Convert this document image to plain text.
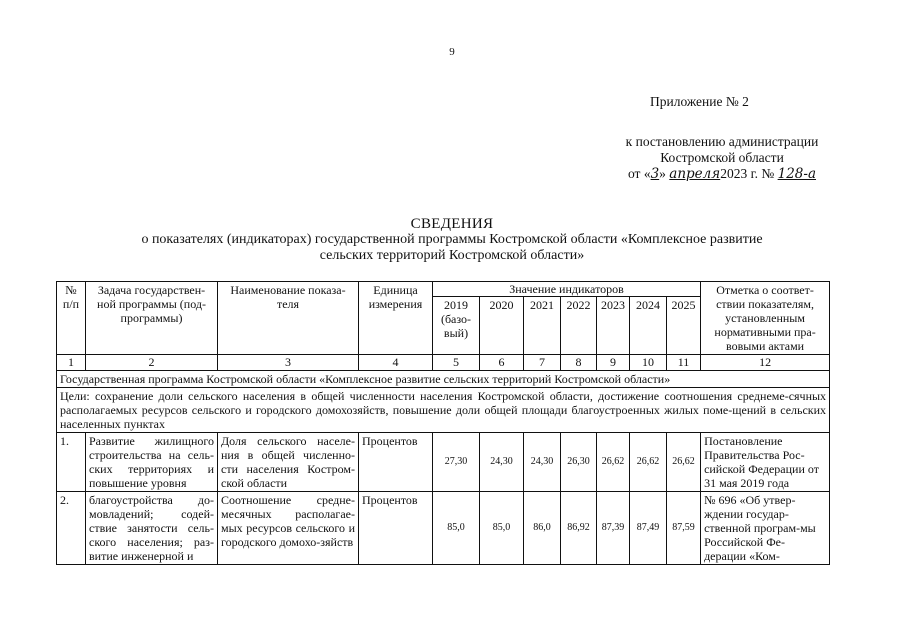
9
Приложение № 2
к постановлению администрации
Костромской области
от «3» апреля2023 г. № 128-а
СВЕДЕНИЯ
о показателях (индикаторах) государственной программы Костромской области «Комплексное развитие
сельских территорий Костромской области»
№ п/п	Задача государствен-ной программы (под-программы)	Наименование показа-теля	Единица измерения	Значение индикаторов							Отметка о соответ-ствии показателям, установленным нормативными пра-вовыми актами
				2019 (базо-вый)	2020	2021	2022	2023	2024	2025	
1	2	3	4	5	6	7	8	9	10	11	12
Государственная программа Костромской области «Комплексное развитие сельских территорий Костромской области»											
Цели: сохранение доли сельского населения в общей численности населения Костромской области, достижение соотношения среднеме-сячных располагаемых ресурсов сельского и городского домохозяйств, повышение доли общей площади благоустроенных жилых поме-щений в сельских населенных пунктах											
1.	Развитие жилищного строительства на сель-ских территориях и повышение уровня	Доля сельского населе-ния в общей численно-сти населения Костром-ской области	Процентов	27,30	24,30	24,30	26,30	26,62	26,62	26,62	Постановление Правительства Рос-сийской Федерации от 31 мая 2019 года
2.	благоустройства до-мовладений; содей-ствие занятости сель-ского населения; раз-витие инженерной и	Соотношение средне-месячных располагае-мых ресурсов сельского и городского домохо-зяйств	Процентов	85,0	85,0	86,0	86,92	87,39	87,49	87,59	№ 696 «Об утвер-ждении государ-ственной програм-мы Российской Фе-дерации «Ком-
